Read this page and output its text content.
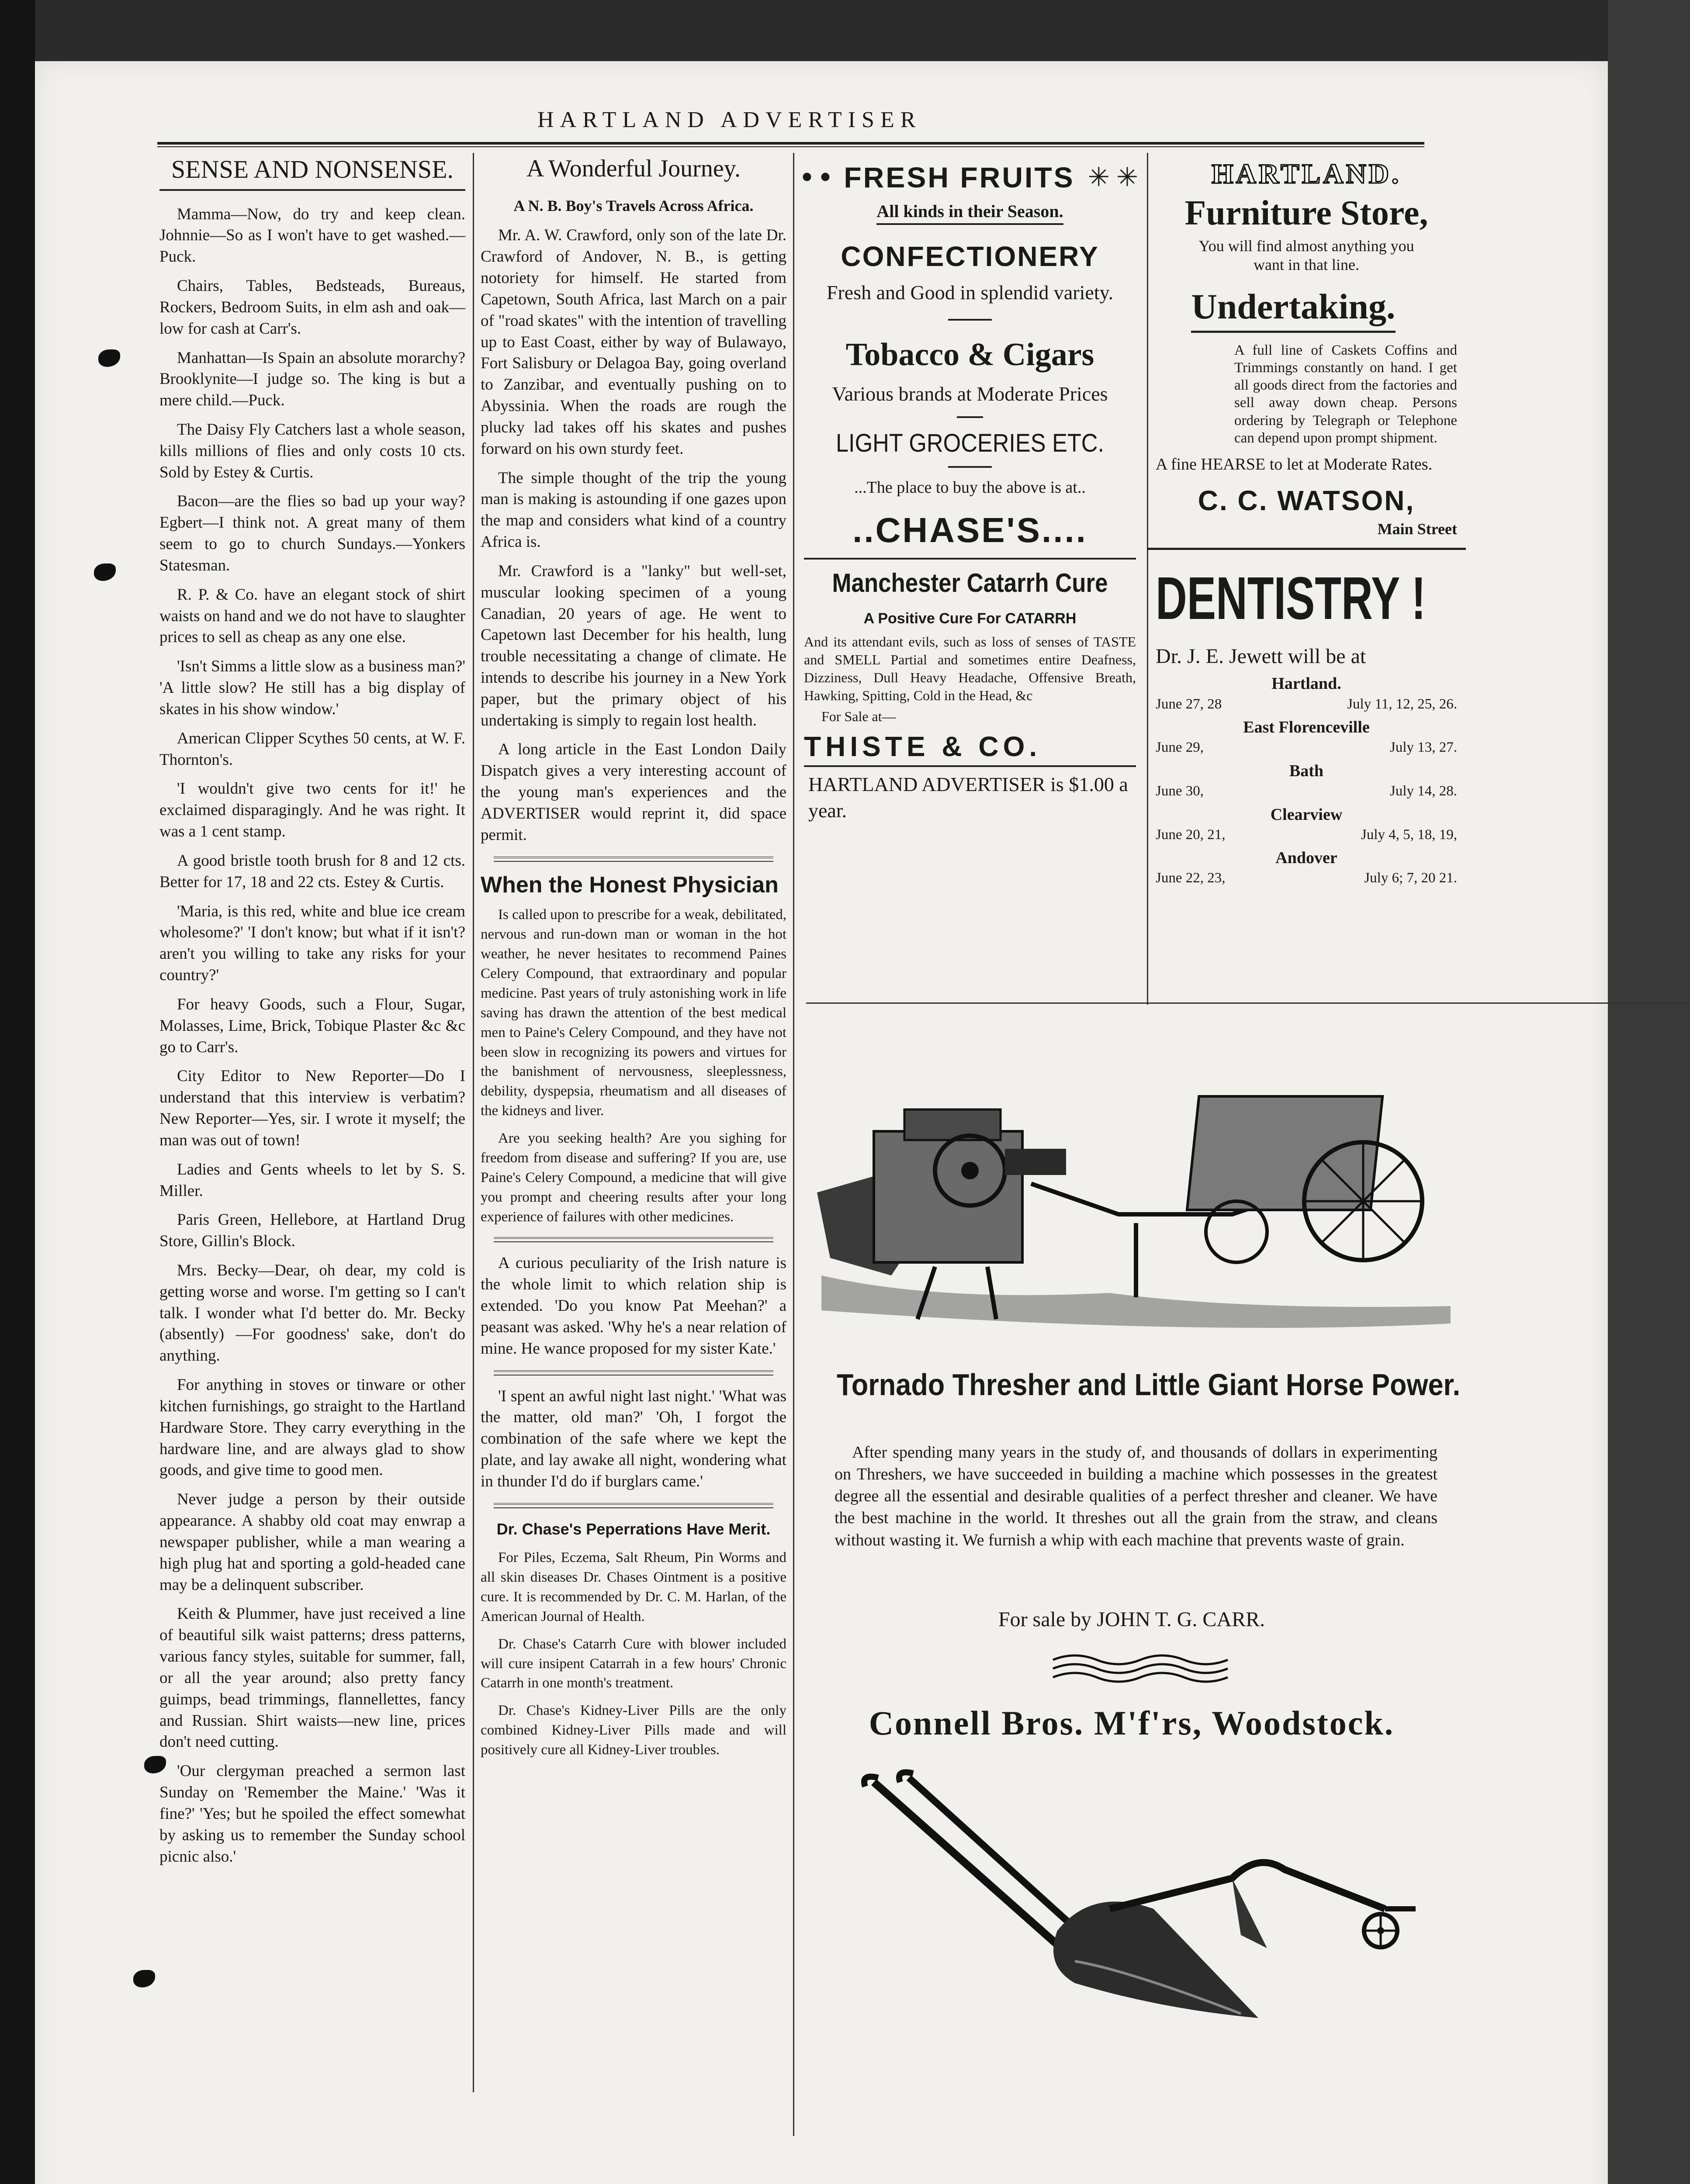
HARTLAND ADVERTISER
SENSE AND NONSENSE.

Mamma—Now, do try and keep clean. Johnnie—So as I won't have to get washed.—Puck.

Chairs, Tables, Bedsteads, Bureaus, Rockers, Bedroom Suits, in elm ash and oak—low for cash at Carr's.

Manhattan—Is Spain an absolute morarchy? Brooklynite—I judge so. The king is but a mere child.—Puck.

The Daisy Fly Catchers last a whole season, kills millions of flies and only costs 10 cts. Sold by Estey & Curtis.

Bacon—are the flies so bad up your way? Egbert—I think not. A great many of them seem to go to church Sundays.—Yonkers Statesman.

R. P. & Co. have an elegant stock of shirt waists on hand and we do not have to slaughter prices to sell as cheap as any one else.

'Isn't Simms a little slow as a business man?' 'A little slow? He still has a big display of skates in his show window.'

American Clipper Scythes 50 cents, at W. F. Thornton's.

'I wouldn't give two cents for it!' he exclaimed disparagingly. And he was right. It was a 1 cent stamp.

A good bristle tooth brush for 8 and 12 cts. Better for 17, 18 and 22 cts. Estey & Curtis.

'Maria, is this red, white and blue ice cream wholesome?' 'I don't know; but what if it isn't? aren't you willing to take any risks for your country?'

For heavy Goods, such a Flour, Sugar, Molasses, Lime, Brick, Tobique Plaster &c &c go to Carr's.

City Editor to New Reporter—Do I understand that this interview is verbatim? New Reporter—Yes, sir. I wrote it myself; the man was out of town!

Ladies and Gents wheels to let by S. S. Miller.

Paris Green, Hellebore, at Hartland Drug Store, Gillin's Block.

Mrs. Becky—Dear, oh dear, my cold is getting worse and worse. I'm getting so I can't talk. I wonder what I'd better do. Mr. Becky (absently) —For goodness' sake, don't do anything.

For anything in stoves or tinware or other kitchen furnishings, go straight to the Hartland Hardware Store. They carry everything in the hardware line, and are always glad to show goods, and give time to good men.

Never judge a person by their outside appearance. A shabby old coat may enwrap a newspaper publisher, while a man wearing a high plug hat and sporting a gold-headed cane may be a delinquent subscriber.

Keith & Plummer, have just received a line of beautiful silk waist patterns; dress patterns, various fancy styles, suitable for summer, fall, or all the year around; also pretty fancy guimps, bead trimmings, flannellettes, fancy and Russian. Shirt waists—new line, prices don't need cutting.

'Our clergyman preached a sermon last Sunday on 'Remember the Maine.' 'Was it fine?' 'Yes; but he spoiled the effect somewhat by asking us to remember the Sunday school picnic also.'

A Wonderful Journey.
A N. B. Boy's Travels Across Africa.

Mr. A. W. Crawford, only son of the late Dr. Crawford of Andover, N. B., is getting notoriety for himself. He started from Capetown, South Africa, last March on a pair of "road skates" with the intention of travelling up to East Coast, either by way of Bulawayo, Fort Salisbury or Delagoa Bay, going overland to Zanzibar, and eventually pushing on to Abyssinia. When the roads are rough the plucky lad takes off his skates and pushes forward on his own sturdy feet.

The simple thought of the trip the young man is making is astounding if one gazes upon the map and considers what kind of a country Africa is.

Mr. Crawford is a "lanky" but well-set, muscular looking specimen of a young Canadian, 20 years of age. He went to Capetown last December for his health, lung trouble necessitating a change of climate. He intends to describe his journey in a New York paper, but the primary object of his undertaking is simply to regain lost health.

A long article in the East London Daily Dispatch gives a very interesting account of the young man's experiences and the ADVERTISER would reprint it, did space permit.

When the Honest Physician

Is called upon to prescribe for a weak, debilitated, nervous and run-down man or woman in the hot weather, he never hesitates to recommend Paines Celery Compound, that extraordinary and popular medicine. Past years of truly astonishing work in life saving has drawn the attention of the best medical men to Paine's Celery Compound, and they have not been slow in recognizing its powers and virtues for the banishment of nervousness, sleeplessness, debility, dyspepsia, rheumatism and all diseases of the kidneys and liver.

Are you seeking health? Are you sighing for freedom from disease and suffering? If you are, use Paine's Celery Compound, a medicine that will give you prompt and cheering results after your long experience of failures with other medicines.

A curious peculiarity of the Irish nature is the whole limit to which relation ship is extended. 'Do you know Pat Meehan?' a peasant was asked. 'Why he's a near relation of mine. He wance proposed for my sister Kate.'

'I spent an awful night last night.' 'What was the matter, old man?' 'Oh, I forgot the combination of the safe where we kept the plate, and lay awake all night, wondering what in thunder I'd do if burglars came.'

Dr. Chase's Peperrations Have Merit.

For Piles, Eczema, Salt Rheum, Pin Worms and all skin diseases Dr. Chases Ointment is a positive cure. It is recommended by Dr. C. M. Harlan, of the American Journal of Health.

Dr. Chase's Catarrh Cure with blower included will cure insipent Catarrah in a few hours' Chronic Catarrh in one month's treatment.

Dr. Chase's Kidney-Liver Pills are the only combined Kidney-Liver Pills made and will positively cure all Kidney-Liver troubles.

• • FRESH FRUITS ✳ ✳
All kinds in their Season.
CONFECTIONERY
Fresh and Good in splendid variety.
Tobacco & Cigars
Various brands at Moderate Prices
LIGHT GROCERIES ETC.
...The place to buy the above is at..
..CHASE'S....
Manchester Catarrh Cure
A Positive Cure For CATARRH
And its attendant evils, such as loss of senses of TASTE and SMELL Partial and sometimes entire Deafness, Dizziness, Dull Heavy Headache, Offensive Breath, Hawking, Spitting, Cold in the Head, &c
For Sale at—
THISTE & CO.
HARTLAND ADVERTISER is $1.00 a year.
HARTLAND.
Furniture Store,
You will find almost anything you want in that line.
Undertaking.
A full line of Caskets Coffins and Trimmings constantly on hand. I get all goods direct from the factories and sell away down cheap. Persons ordering by Telegraph or Telephone can depend upon prompt shipment.
A fine HEARSE to let at Moderate Rates.
C. C. WATSON,
Main Street
DENTISTRY !
Dr. J. E. Jewett will be at
Hartland.
June 27, 28	July 11, 12, 25, 26.
East Florenceville
June 29,	July 13, 27.
Bath
June 30,	July 14, 28.
Clearview
June 20, 21,	July 4, 5, 18, 19,
Andover
June 22, 23,	July 6; 7, 20 21.
Tornado Thresher and Little Giant Horse Power.
After spending many years in the study of, and thousands of dollars in experimenting on Threshers, we have succeeded in building a machine which possesses in the greatest degree all the essential and desirable qualities of a perfect thresher and cleaner. We have the best machine in the world. It threshes out all the grain from the straw, and cleans without wasting it. We furnish a whip with each machine that prevents waste of grain.
For sale by JOHN T. G. CARR.
Connell Bros. M'f'rs, Woodstock.
